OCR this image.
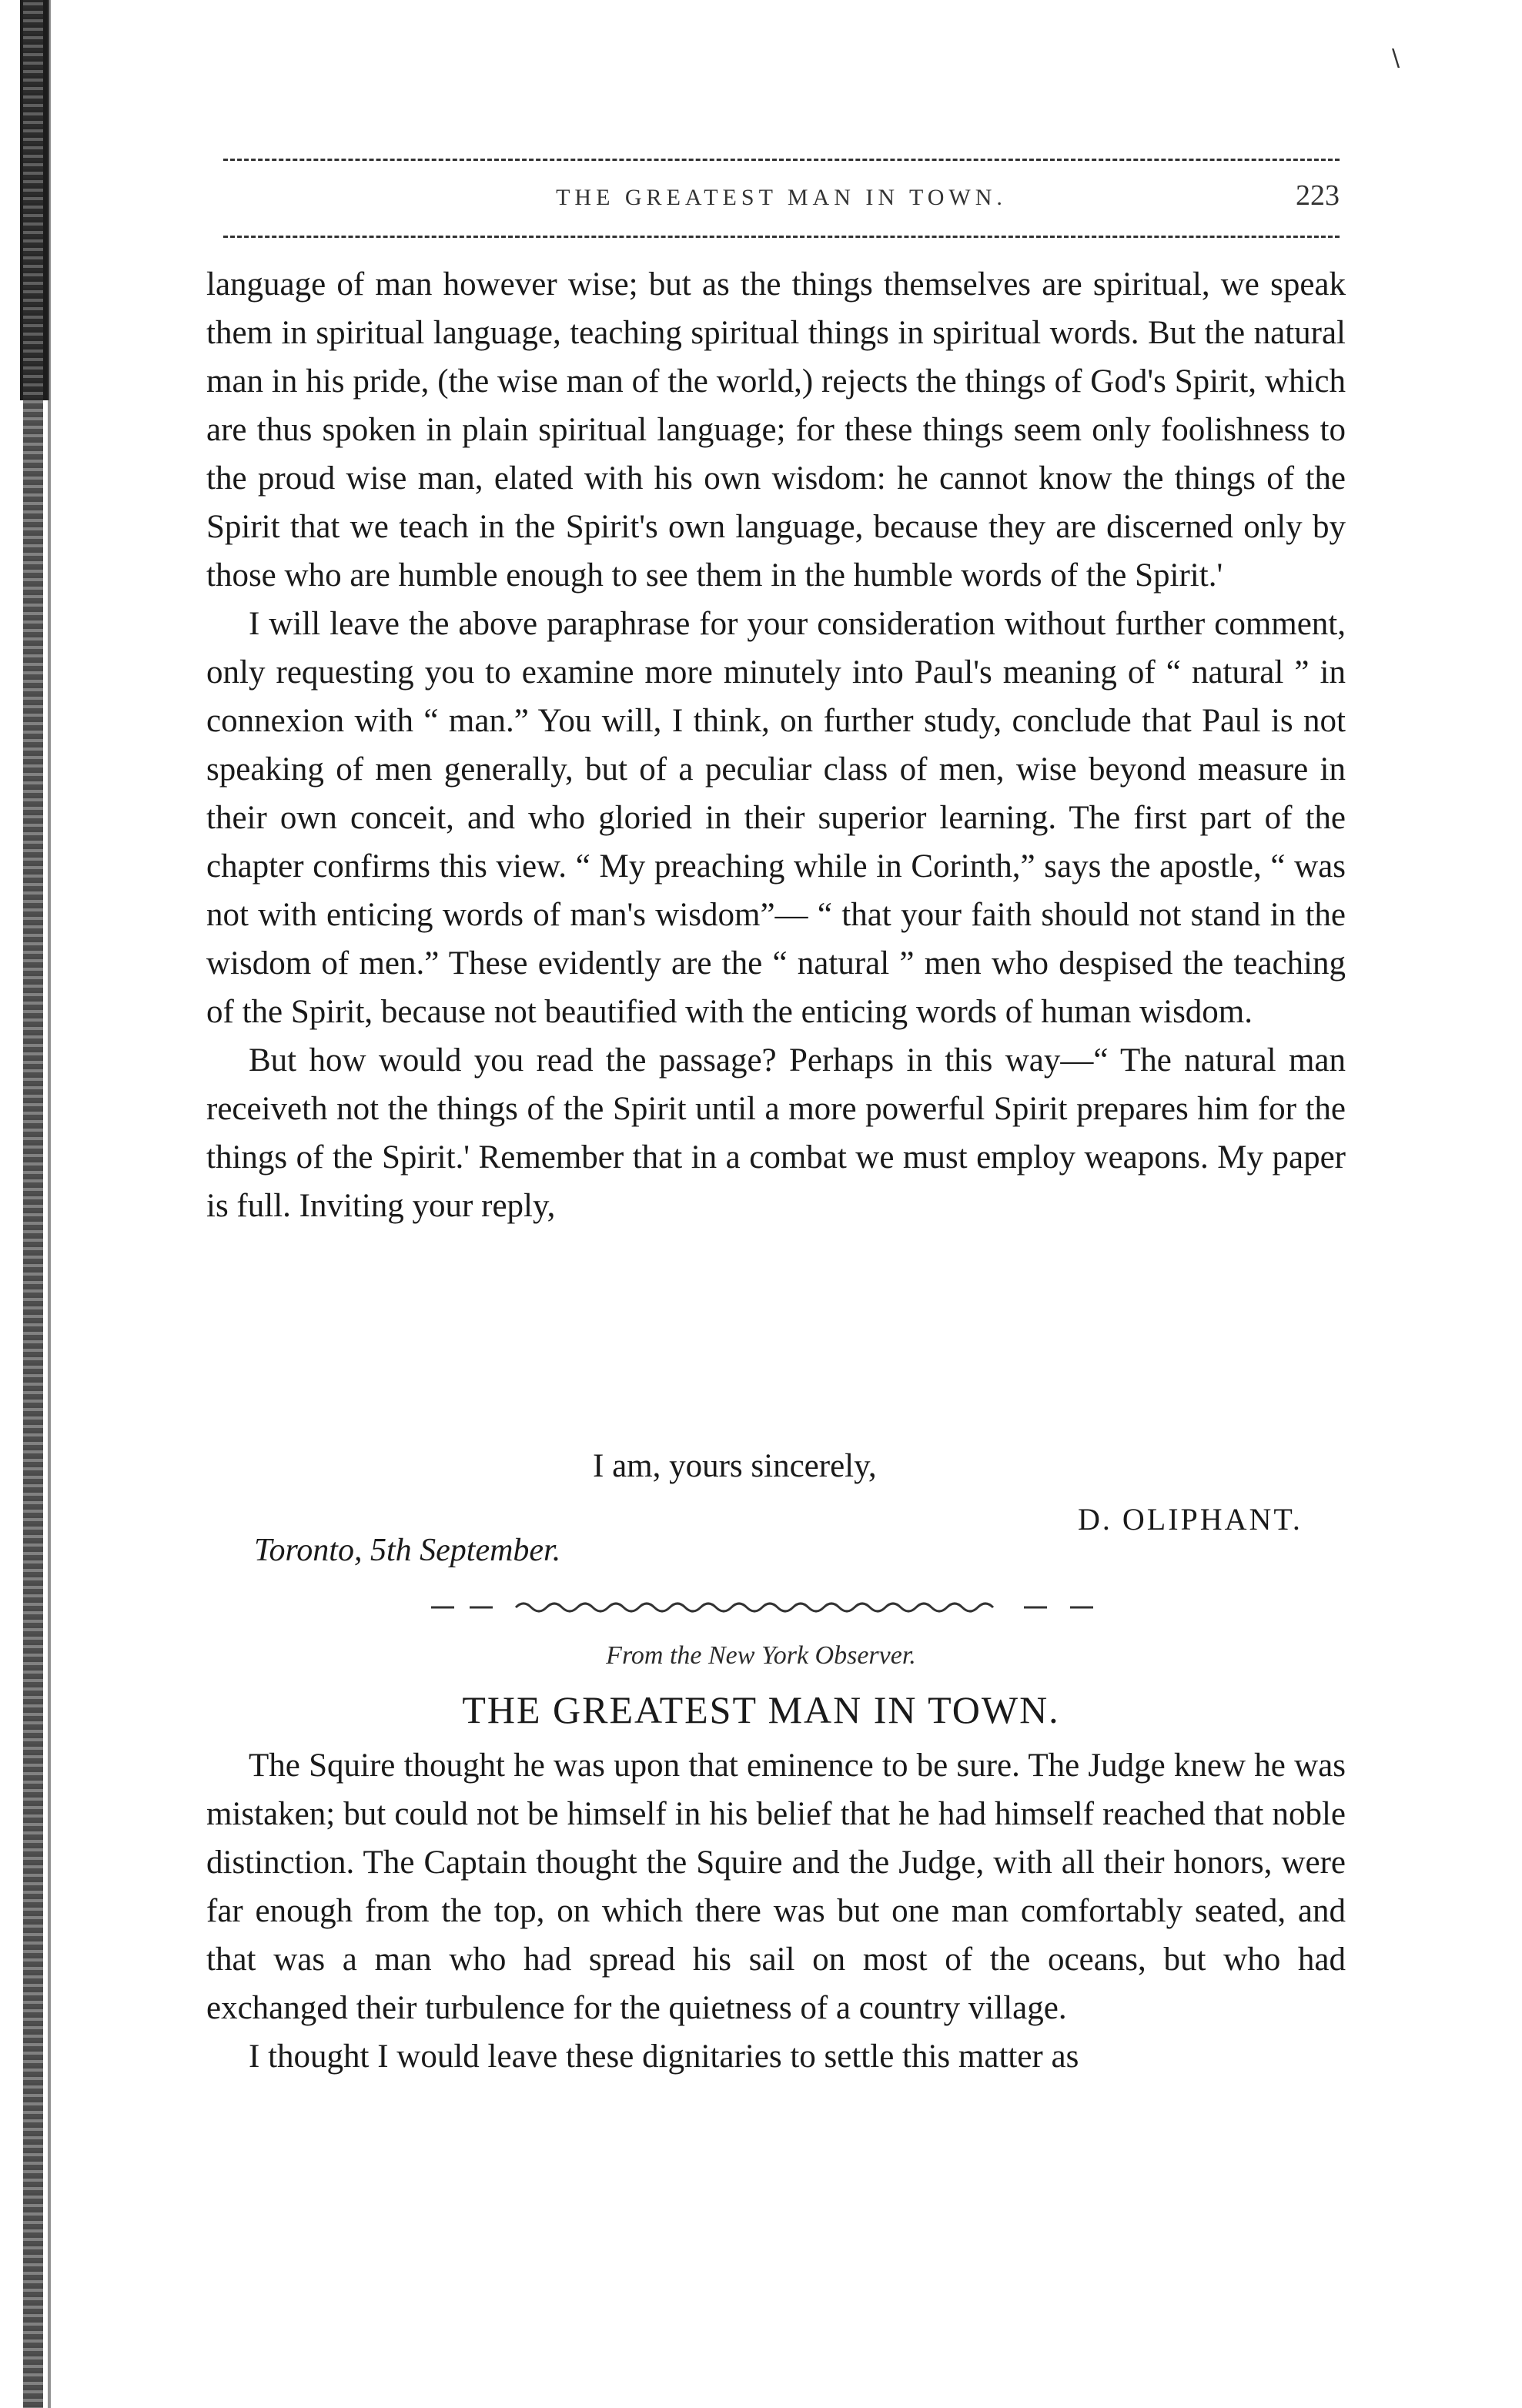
\
THE GREATEST MAN IN TOWN.	223

language of man however wise; but as the things themselves are spiritual, we speak them in spiritual language, teaching spiritual things in spiritual words. But the natural man in his pride, (the wise man of the world,) rejects the things of God's Spirit, which are thus spoken in plain spiritual language; for these things seem only foolishness to the proud wise man, elated with his own wisdom: he cannot know the things of the Spirit that we teach in the Spirit's own language, because they are discerned only by those who are humble enough to see them in the humble words of the Spirit.'

I will leave the above paraphrase for your consideration without further comment, only requesting you to examine more minutely into Paul's meaning of “ natural ” in connexion with “ man.” You will, I think, on further study, conclude that Paul is not speaking of men generally, but of a peculiar class of men, wise beyond measure in their own conceit, and who gloried in their superior learning. The first part of the chapter confirms this view. “ My preaching while in Corinth,” says the apostle, “ was not with enticing words of man's wisdom”— “ that your faith should not stand in the wisdom of men.” These evidently are the “ natural ” men who despised the teaching of the Spirit, because not beautified with the enticing words of human wisdom.

But how would you read the passage? Perhaps in this way—“ The natural man receiveth not the things of the Spirit until a more powerful Spirit prepares him for the things of the Spirit.' Remember that in a combat we must employ weapons. My paper is full. Inviting your reply,

I am, yours sincerely,
D. OLIPHANT.
Toronto, 5th September.
From the New York Observer.
THE GREATEST MAN IN TOWN.

The Squire thought he was upon that eminence to be sure. The Judge knew he was mistaken; but could not be himself in his belief that he had himself reached that noble distinction. The Captain thought the Squire and the Judge, with all their honors, were far enough from the top, on which there was but one man comfortably seated, and that was a man who had spread his sail on most of the oceans, but who had exchanged their turbulence for the quietness of a country village.

I thought I would leave these dignitaries to settle this matter as
